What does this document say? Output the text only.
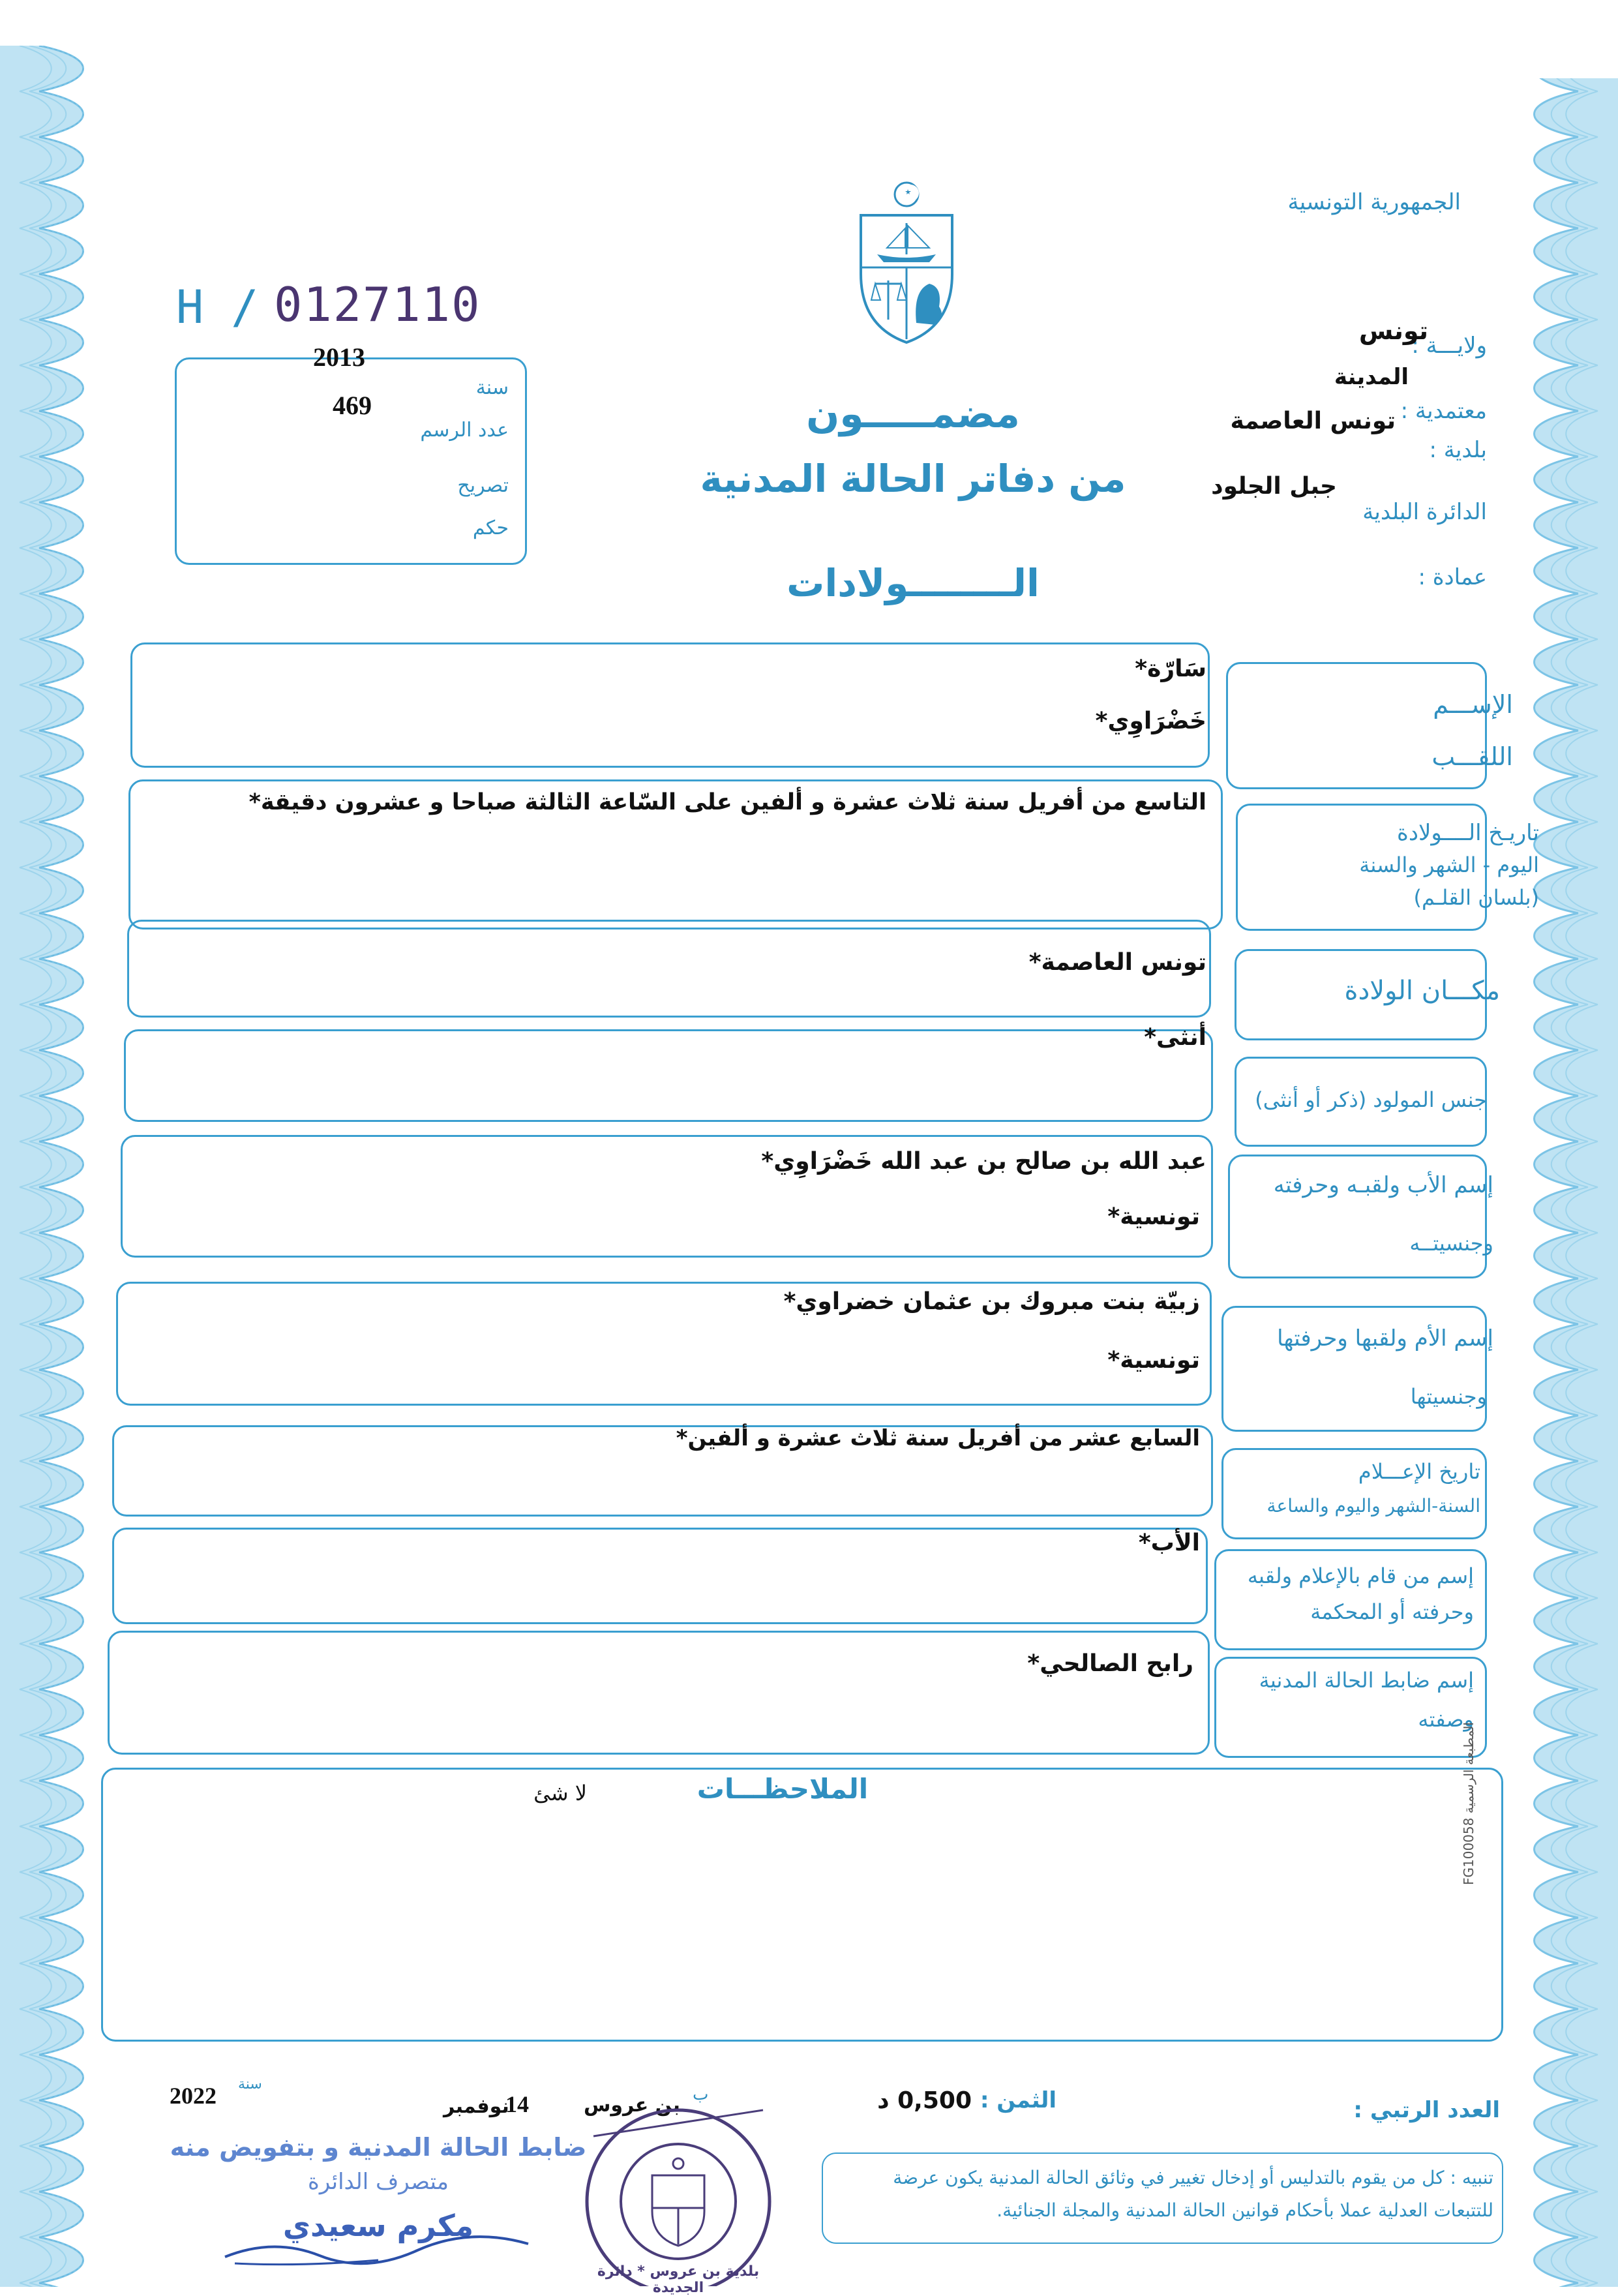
الجمهورية التونسية
H / 0127110
2013
469
سنة
عدد الرسم
تصريح
حكم
مضمـــــون
من دفاتر الحالة المدنية
الــــــــولادات
ولايـــة :
تونس
المدينة
معتمدية :
تونس العاصمة
بلدية :
الدائرة البلدية
جبل الجلود
عمادة :
الإســـم
اللقـــب
سَارّة*
خَضْرَاوِي*
تاريـخ الــــولادة
اليوم - الشهر والسنة
(بلسان القلـم)
التاسع من أفريل سنة ثلاث عشرة و ألفين على السّاعة الثالثة صباحا و عشرون دقيقة*
مكـــان الولادة
تونس العاصمة*
جنس المولود (ذكر أو أنثى)
أنثى*
إسم الأب ولقبـه وحرفته
وجنسيتــه
عبد الله بن صالح بن عبد الله خَضْرَاوِي*
تونسية*
إسم الأم ولقبها وحرفتها
وجنسيتها
زبيّة بنت مبروك بن عثمان خضراوي*
تونسية*
تاريخ الإعـــلام
السنة-الشهر واليوم والساعة
السابع عشر من أفريل سنة ثلاث عشرة و ألفين*
إسم من قام بالإعلام ولقبه
وحرفته أو المحكمة
الأب*
إسم ضابط الحالة المدنية
وصفته
رابح الصالحي*
الملاحظـــات
لا شئ
المطبعة الرسمية FG100058
العدد الرتبي :
الثمن :
0,500 د
2022 سنة
نوفمبر
14	بن عروس ب
ضابط الحالة المدنية و بتفويض منه
متصرف الدائرة
مكرم سعيدي
بلدية بن عروس * دائرة الجديدة
تنبيه : كل من يقوم بالتدليس أو إدخال تغيير في وثائق الحالة المدنية يكون عرضة
للتتبعات العدلية عملا بأحكام قوانين الحالة المدنية والمجلة الجنائية.
